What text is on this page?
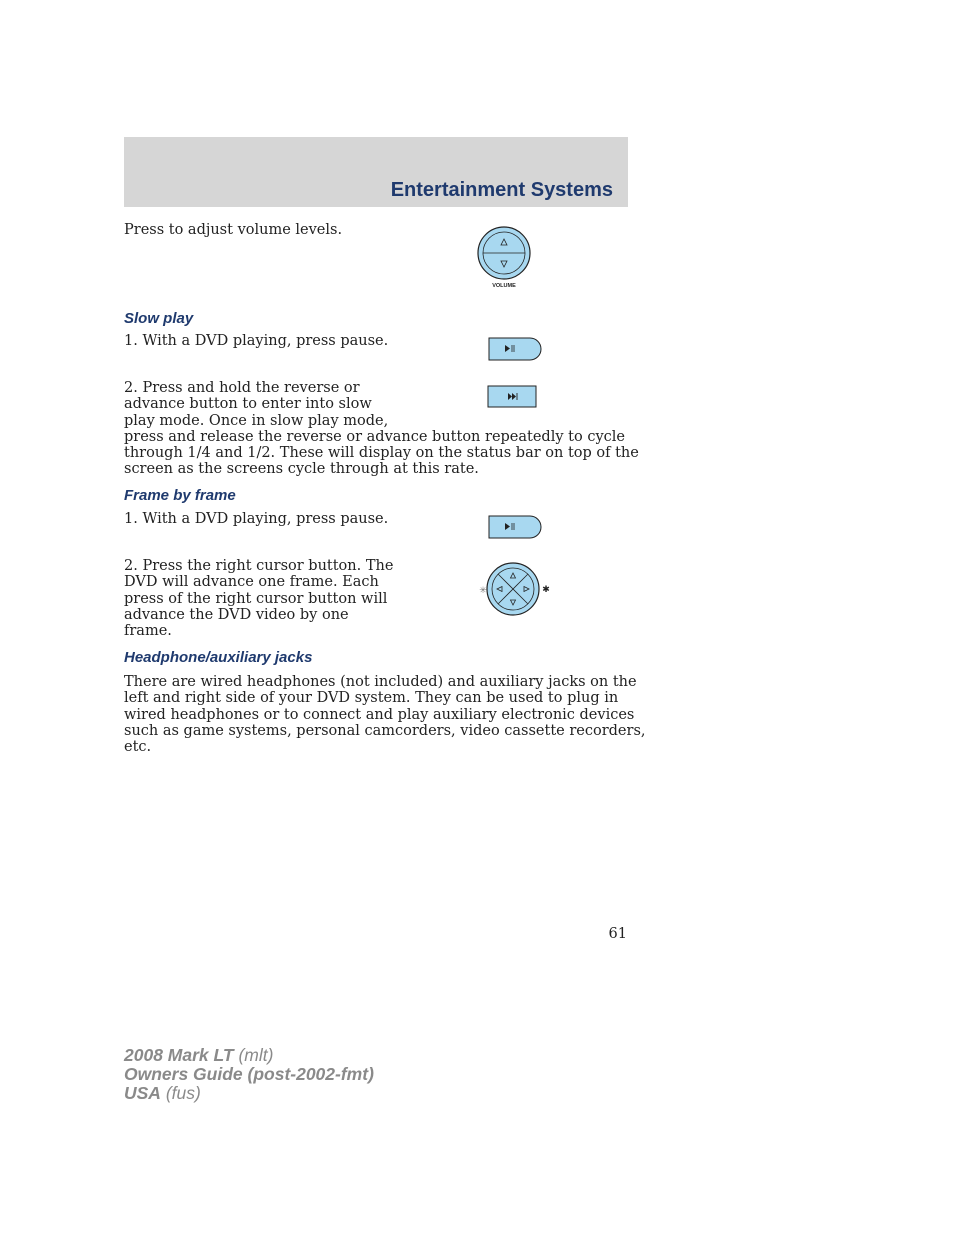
Entertainment Systems

Press to adjust volume levels.

VOLUME

Slow play

1. With a DVD playing, press pause.

2. Press and hold the reverse or
advance button to enter into slow
play mode. Once in slow play mode,
press and release the reverse or advance button repeatedly to cycle
through 1/4 and 1/2. These will display on the status bar on top of the
screen as the screens cycle through at this rate.

Frame by frame

1. With a DVD playing, press pause.

2. Press the right cursor button. The
DVD will advance one frame. Each
press of the right cursor button will
advance the DVD video by one
frame.
✳	✱

Headphone/auxiliary jacks

There are wired headphones (not included) and auxiliary jacks on the
left and right side of your DVD system. They can be used to plug in
wired headphones or to connect and play auxiliary electronic devices
such as game systems, personal camcorders, video cassette recorders,
etc.
61
2008 Mark LT (mlt)
Owners Guide (post-2002-fmt)
USA (fus)
